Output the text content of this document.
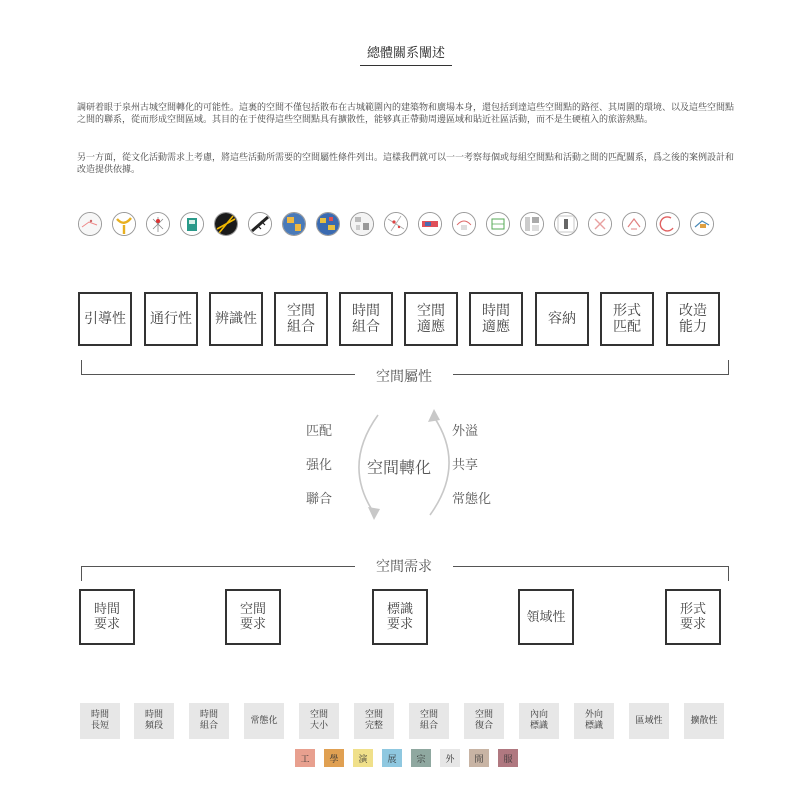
總體關系闡述

調研着眼于泉州古城空間轉化的可能性。這裏的空間不僅包括散布在古城範圍內的建築物和廣場本身，還包括到達這些空間點的路徑、其周圍的環境、以及這些空間點之間的聯系，從而形成空間區域。其目的在于使得這些空間點具有擴散性，能够真正帶動周邊區域和貼近社區活動，而不是生硬植入的旅游熱點。

另一方面，從文化活動需求上考慮，將這些活動所需要的空間屬性條件列出。這樣我們就可以一一考察每個或每組空間點和活動之間的匹配關系，爲之後的案例設計和改造提供依據。

引導性	通行性	辨識性	空間
組合
時間
組合
空間
適應
時間
適應	容納	形式
匹配
改造
能力
空間屬性
匹配
强化
聯合
空間轉化
外溢
共享
常態化
空間需求
時間
要求
空間
要求
標識
要求	領域性	形式
要求
時間
長短
時間
頻段
時間
組合
常態化
空間
大小
空間
完整
空間
組合
空間
復合
內向
標識
外向
標識
區域性	擴散性
工	學	演	展	宗	外	閒	服
